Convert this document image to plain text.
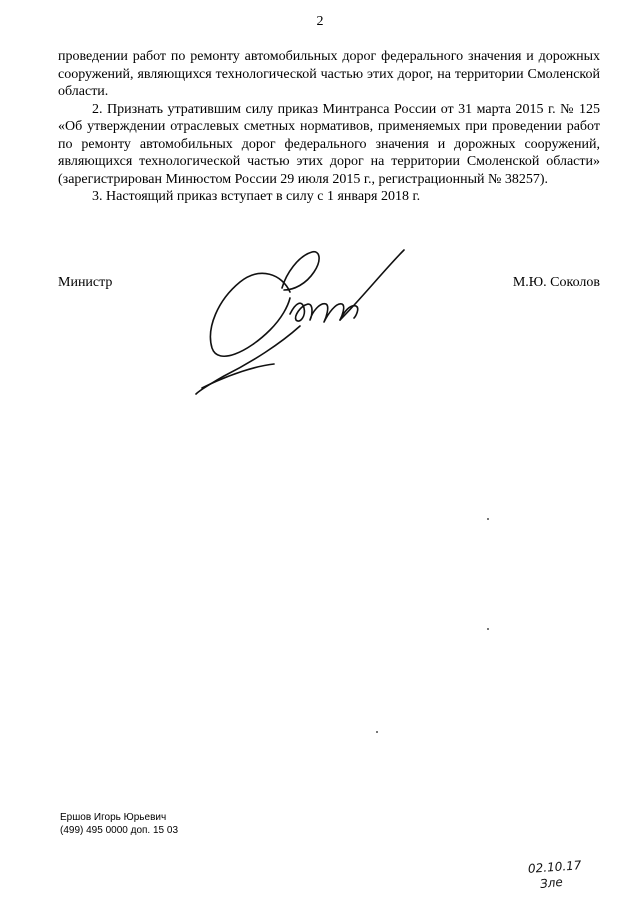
2

проведении работ по ремонту автомобильных дорог федерального значения и дорожных сооружений, являющихся технологической частью этих дорог, на территории Смоленской области.

2. Признать утратившим силу приказ Минтранса России от 31 марта 2015 г. № 125 «Об утверждении отраслевых сметных нормативов, применяемых при проведении работ по ремонту автомобильных дорог федерального значения и дорожных сооружений, являющихся технологической частью этих дорог на территории Смоленской области» (зарегистрирован Минюстом России 29 июля 2015 г., регистрационный № 38257).

3. Настоящий приказ вступает в силу с 1 января 2018 г.

Министр	М.Ю. Соколов
Ершов Игорь Юрьевич
(499) 495 0000 доп. 15 03
02.10.17
Зле
